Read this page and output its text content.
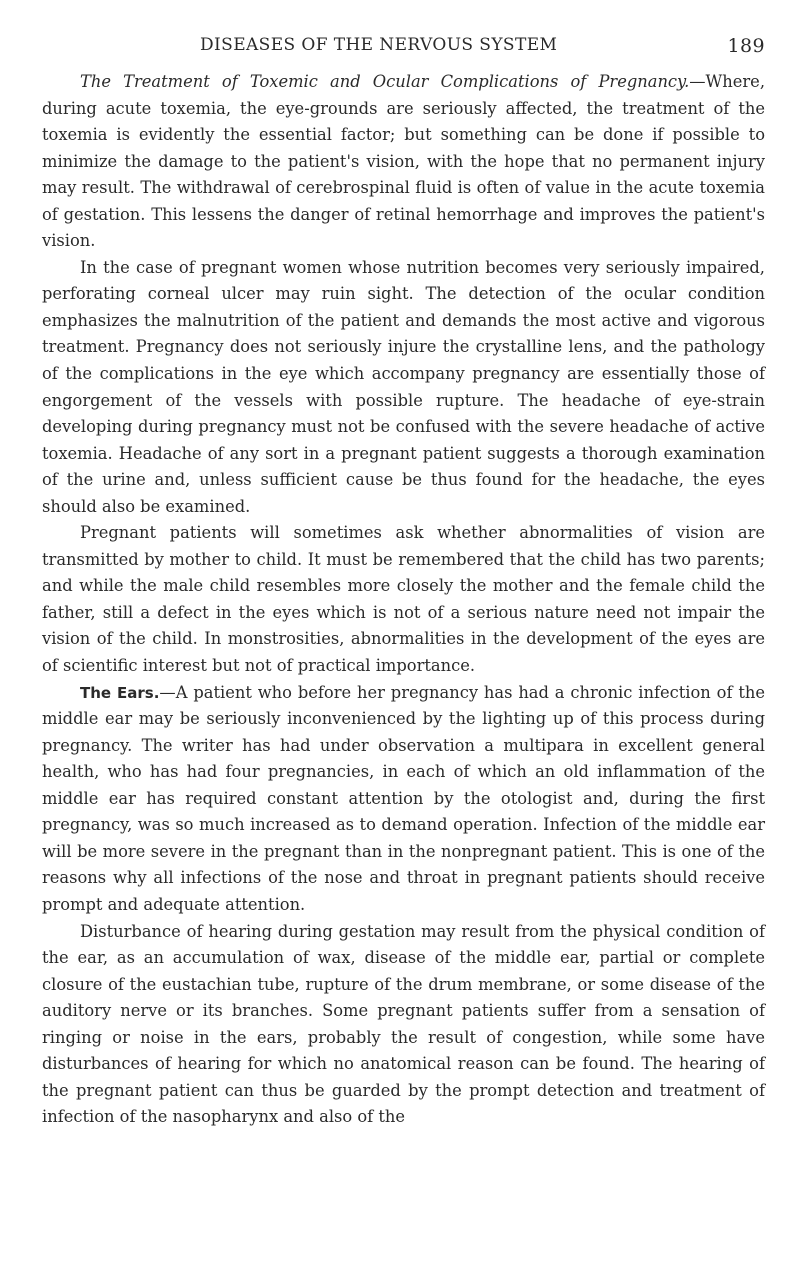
DISEASES OF THE NERVOUS SYSTEM	189

The Treatment of Toxemic and Ocular Complications of Pregnancy.—Where, during acute toxemia, the eye-grounds are seriously affected, the treatment of the toxemia is evidently the essential factor; but something can be done if possible to minimize the damage to the patient's vision, with the hope that no permanent injury may result. The withdrawal of cerebrospinal fluid is often of value in the acute toxemia of gestation. This lessens the danger of retinal hemorrhage and improves the patient's vision.

In the case of pregnant women whose nutrition becomes very seriously impaired, perforating corneal ulcer may ruin sight. The detection of the ocular condition emphasizes the malnutrition of the patient and demands the most active and vigorous treatment. Pregnancy does not seriously injure the crystalline lens, and the pathology of the complications in the eye which accompany pregnancy are essentially those of engorgement of the vessels with possible rupture. The headache of eye-strain developing during pregnancy must not be confused with the severe headache of active toxemia. Headache of any sort in a pregnant patient suggests a thorough examination of the urine and, unless sufficient cause be thus found for the headache, the eyes should also be examined.

Pregnant patients will sometimes ask whether abnormalities of vision are transmitted by mother to child. It must be remembered that the child has two parents; and while the male child resembles more closely the mother and the female child the father, still a defect in the eyes which is not of a serious nature need not impair the vision of the child. In monstrosities, abnormalities in the development of the eyes are of scientific interest but not of practical importance.

The Ears.—A patient who before her pregnancy has had a chronic infection of the middle ear may be seriously inconvenienced by the lighting up of this process during pregnancy. The writer has had under observation a multipara in excellent general health, who has had four pregnancies, in each of which an old inflammation of the middle ear has required constant attention by the otologist and, during the first pregnancy, was so much increased as to demand operation. Infection of the middle ear will be more severe in the pregnant than in the nonpregnant patient. This is one of the reasons why all infections of the nose and throat in pregnant patients should receive prompt and adequate attention.

Disturbance of hearing during gestation may result from the physical condition of the ear, as an accumulation of wax, disease of the middle ear, partial or complete closure of the eustachian tube, rupture of the drum membrane, or some disease of the auditory nerve or its branches. Some pregnant patients suffer from a sensation of ringing or noise in the ears, probably the result of congestion, while some have disturbances of hearing for which no anatomical reason can be found. The hearing of the pregnant patient can thus be guarded by the prompt detection and treatment of infection of the nasopharynx and also of the
